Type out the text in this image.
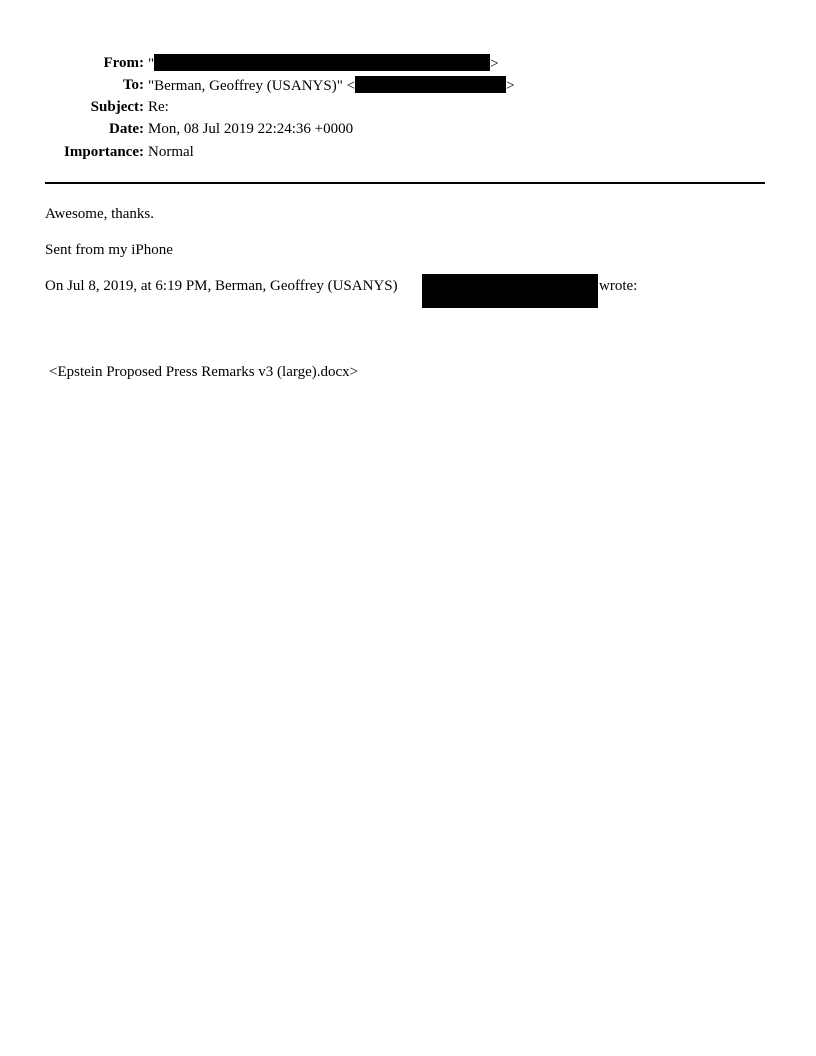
From: "	>
To: "Berman, Geoffrey (USANYS)" <	>
Subject: Re:
Date: Mon, 08 Jul 2019 22:24:36 +0000
Importance: Normal
Awesome, thanks.
Sent from my iPhone
On Jul 8, 2019, at 6:19 PM, Berman, Geoffrey (USANYS)	wrote:
<Epstein Proposed Press Remarks v3 (large).docx>
